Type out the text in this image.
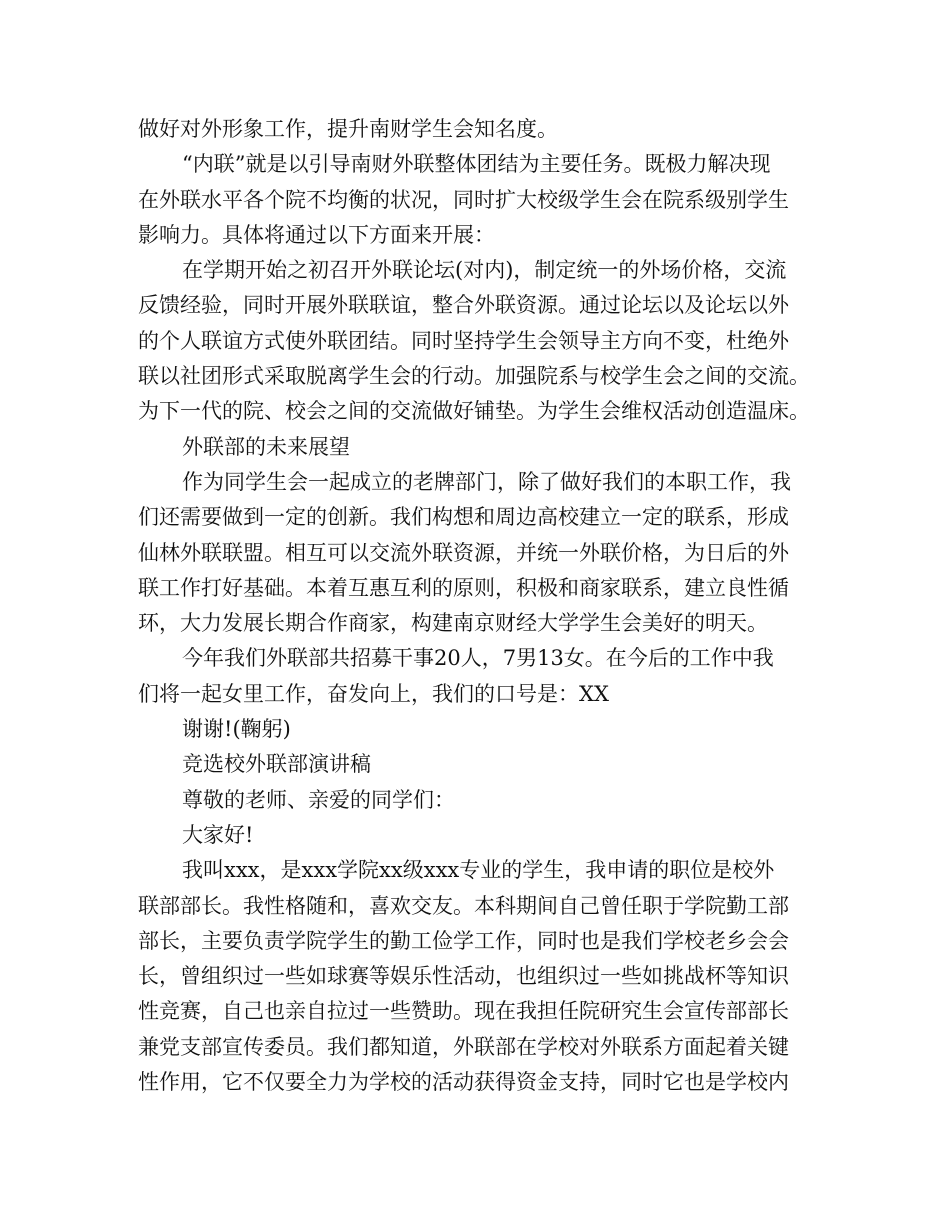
做好对外形象工作，提升南财学生会知名度。

“内联”就是以引导南财外联整体团结为主要任务。既极力解决现
在外联水平各个院不均衡的状况，同时扩大校级学生会在院系级别学生
影响力。具体将通过以下方面来开展：

在学期开始之初召开外联论坛(对内)，制定统一的外场价格，交流
反馈经验，同时开展外联联谊，整合外联资源。通过论坛以及论坛以外
的个人联谊方式使外联团结。同时坚持学生会领导主方向不变，杜绝外
联以社团形式采取脱离学生会的行动。加强院系与校学生会之间的交流。
为下一代的院、校会之间的交流做好铺垫。为学生会维权活动创造温床。

外联部的未来展望

作为同学生会一起成立的老牌部门，除了做好我们的本职工作，我
们还需要做到一定的创新。我们构想和周边高校建立一定的联系，形成
仙林外联联盟。相互可以交流外联资源，并统一外联价格，为日后的外
联工作打好基础。本着互惠互利的原则，积极和商家联系，建立良性循
环，大力发展长期合作商家，构建南京财经大学学生会美好的明天。

今年我们外联部共招募干事20人，7男13女。在今后的工作中我
们将一起女里工作，奋发向上，我们的口号是：XX

谢谢!(鞠躬)

竞选校外联部演讲稿

尊敬的老师、亲爱的同学们：

大家好!

我叫xxx，是xxx学院xx级xxx专业的学生，我申请的职位是校外
联部部长。我性格随和，喜欢交友。本科期间自己曾任职于学院勤工部
部长，主要负责学院学生的勤工俭学工作，同时也是我们学校老乡会会
长，曾组织过一些如球赛等娱乐性活动，也组织过一些如挑战杯等知识
性竞赛，自己也亲自拉过一些赞助。现在我担任院研究生会宣传部部长
兼党支部宣传委员。我们都知道，外联部在学校对外联系方面起着关键
性作用，它不仅要全力为学校的活动获得资金支持，同时它也是学校内
